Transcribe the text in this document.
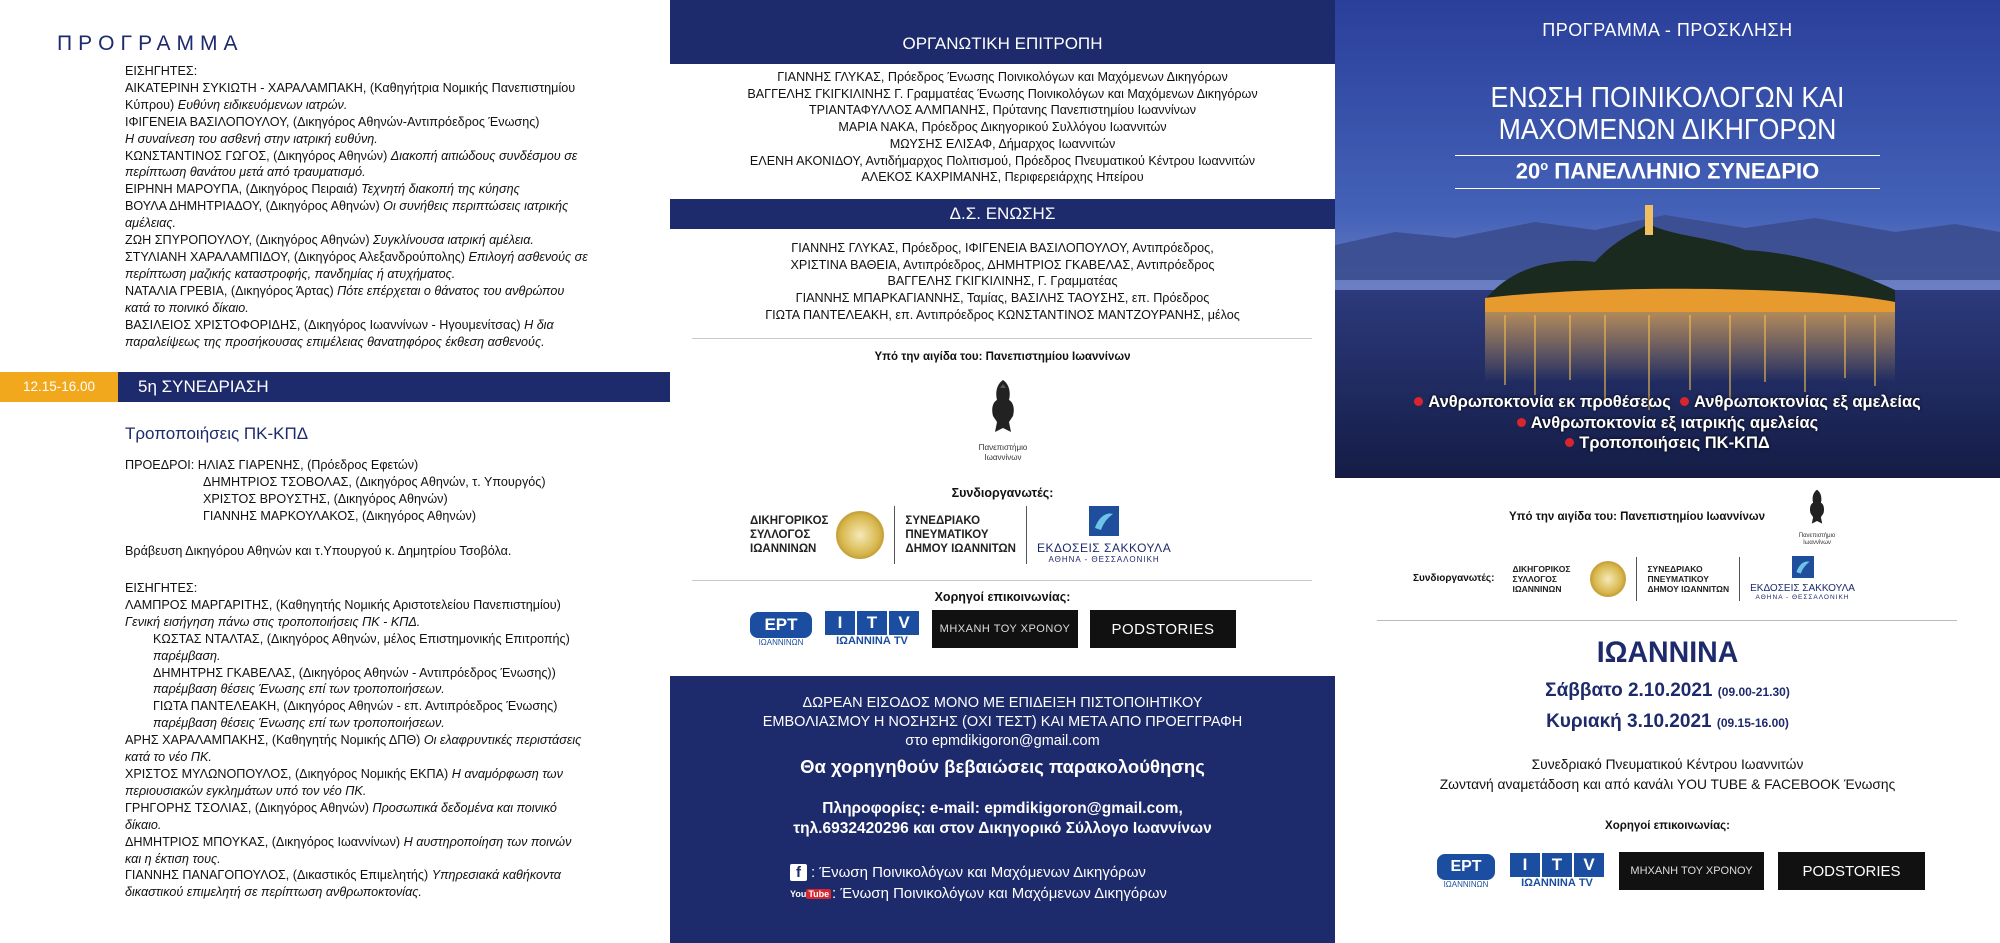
ΠΡΟΓΡΑΜΜΑ
ΕΙΣΗΓΗΤΕΣ:
ΑΙΚΑΤΕΡΙΝΗ ΣΥΚΙΩΤΗ - ΧΑΡΑΛΑΜΠΑΚΗ, (Καθηγήτρια Νομικής Πανεπιστημίου
Κύπρου) Ευθύνη ειδικευόμενων ιατρών.
ΙΦΙΓΕΝΕΙΑ ΒΑΣΙΛΟΠΟΥΛΟΥ, (Δικηγόρος Αθηνών-Αντιπρόεδρος Ένωσης)
Η συναίνεση του ασθενή στην ιατρική ευθύνη.
ΚΩΝΣΤΑΝΤΙΝΟΣ ΓΩΓΟΣ, (Δικηγόρος Αθηνών) Διακοπή αιτιώδους συνδέσμου σε
περίπτωση θανάτου μετά από τραυματισμό.
ΕΙΡΗΝΗ ΜΑΡΟΥΠΑ, (Δικηγόρος Πειραιά) Τεχνητή διακοπή της κύησης
ΒΟΥΛΑ ΔΗΜΗΤΡΙΑΔΟΥ, (Δικηγόρος Αθηνών) Οι συνήθεις περιπτώσεις ιατρικής
αμέλειας.
ΖΩΗ ΣΠΥΡΟΠΟΥΛΟΥ, (Δικηγόρος Αθηνών) Συγκλίνουσα ιατρική αμέλεια.
ΣΤΥΛΙΑΝΗ ΧΑΡΑΛΑΜΠΙΔΟΥ, (Δικηγόρος Αλεξανδρούπολης) Επιλογή ασθενούς σε
περίπτωση μαζικής καταστροφής, πανδημίας ή ατυχήματος.
ΝΑΤΑΛΙΑ ΓΡΕΒΙΑ, (Δικηγόρος Άρτας) Πότε επέρχεται ο θάνατος του ανθρώπου
κατά το ποινικό δίκαιο.
ΒΑΣΙΛΕΙΟΣ ΧΡΙΣΤΟΦΟΡΙΔΗΣ, (Δικηγόρος Ιωαννίνων - Ηγουμενίτσας) Η δια
παραλείψεως της προσήκουσας επιμέλειας θανατηφόρος έκθεση ασθενούς.
12.15-16.00	5η ΣΥΝΕΔΡΙΑΣΗ
Τροποποιήσεις ΠΚ-ΚΠΔ
ΠΡΟΕΔΡΟΙ: ΗΛΙΑΣ ΓΙΑΡΕΝΗΣ, (Πρόεδρος Εφετών)
ΔΗΜΗΤΡΙΟΣ ΤΣΟΒΟΛΑΣ, (Δικηγόρος Αθηνών, τ. Υπουργός)
ΧΡΙΣΤΟΣ ΒΡΟΥΣΤΗΣ, (Δικηγόρος Αθηνών)
ΓΙΑΝΝΗΣ ΜΑΡΚΟΥΛΑΚΟΣ, (Δικηγόρος Αθηνών)
Βράβευση Δικηγόρου Αθηνών και τ.Υπουργού κ. Δημητρίου Τσοβόλα.
ΕΙΣΗΓΗΤΕΣ:
ΛΑΜΠΡΟΣ ΜΑΡΓΑΡΙΤΗΣ, (Καθηγητής Νομικής Αριστοτελείου Πανεπιστημίου)
Γενική εισήγηση πάνω στις τροποποιήσεις ΠΚ - ΚΠΔ.
ΚΩΣΤΑΣ ΝΤΑΛΤΑΣ, (Δικηγόρος Αθηνών, μέλος Επιστημονικής Επιτροπής)
παρέμβαση.
ΔΗΜΗΤΡΗΣ ΓΚΑΒΕΛΑΣ, (Δικηγόρος Αθηνών - Αντιπρόεδρος Ένωσης))
παρέμβαση θέσεις Ένωσης επί των τροποποιήσεων.
ΓΙΩΤΑ ΠΑΝΤΕΛΕΑΚΗ, (Δικηγόρος Αθηνών - επ. Αντιπρόεδρος Ένωσης)
παρέμβαση θέσεις Ένωσης επί των τροποποιήσεων.
ΑΡΗΣ ΧΑΡΑΛΑΜΠΑΚΗΣ, (Καθηγητής Νομικής ΔΠΘ) Οι ελαφρυντικές περιστάσεις
κατά το νέο ΠΚ.
ΧΡΙΣΤΟΣ ΜΥΛΩΝΟΠΟΥΛΟΣ, (Δικηγόρος Νομικής ΕΚΠΑ) Η αναμόρφωση των
περιουσιακών εγκλημάτων υπό τον νέο ΠΚ.
ΓΡΗΓΟΡΗΣ ΤΣΟΛΙΑΣ, (Δικηγόρος Αθηνών) Προσωπικά δεδομένα και ποινικό
δίκαιο.
ΔΗΜΗΤΡΙΟΣ ΜΠΟΥΚΑΣ, (Δικηγόρος Ιωαννίνων) Η αυστηροποίηση των ποινών
και η έκτιση τους.
ΓΙΑΝΝΗΣ ΠΑΝΑΓΟΠΟΥΛΟΣ, (Δικαστικός Επιμελητής) Υπηρεσιακά καθήκοντα
δικαστικού επιμελητή σε περίπτωση ανθρωποκτονίας.
ΟΡΓΑΝΩΤΙΚΗ ΕΠΙΤΡΟΠΗ
ΓΙΑΝΝΗΣ ΓΛΥΚΑΣ, Πρόεδρος Ένωσης Ποινικολόγων και Μαχόμενων Δικηγόρων
ΒΑΓΓΕΛΗΣ ΓΚΙΓΚΙΛΙΝΗΣ Γ. Γραμματέας Ένωσης Ποινικολόγων και Μαχόμενων Δικηγόρων
ΤΡΙΑΝΤΑΦΥΛΛΟΣ ΑΛΜΠΑΝΗΣ, Πρύτανης Πανεπιστημίου Ιωαννίνων
ΜΑΡΙΑ ΝΑΚΑ, Πρόεδρος Δικηγορικού Συλλόγου Ιωαννιτών
ΜΩΥΣΗΣ ΕΛΙΣΑΦ, Δήμαρχος Ιωαννιτών
ΕΛΕΝΗ ΑΚΟΝΙΔΟΥ, Αντιδήμαρχος Πολιτισμού, Πρόεδρος Πνευματικού Κέντρου Ιωαννιτών
ΑΛΕΚΟΣ ΚΑΧΡΙΜΑΝΗΣ, Περιφερειάρχης Ηπείρου
Δ.Σ. ΕΝΩΣΗΣ
ΓΙΑΝΝΗΣ ΓΛΥΚΑΣ, Πρόεδρος, ΙΦΙΓΕΝΕΙΑ ΒΑΣΙΛΟΠΟΥΛΟΥ, Αντιπρόεδρος,
ΧΡΙΣΤΙΝΑ ΒΑΘΕΙΑ, Αντιπρόεδρος, ΔΗΜΗΤΡΙΟΣ ΓΚΑΒΕΛΑΣ, Αντιπρόεδρος
ΒΑΓΓΕΛΗΣ ΓΚΙΓΚΙΛΙΝΗΣ, Γ. Γραμματέας
ΓΙΑΝΝΗΣ ΜΠΑΡΚΑΓΙΑΝΝΗΣ, Ταμίας, ΒΑΣΙΛΗΣ ΤΑΟΥΣΗΣ, επ. Πρόεδρος
ΓΙΩΤΑ ΠΑΝΤΕΛΕΑΚΗ, επ. Αντιπρόεδρος ΚΩΝΣΤΑΝΤΙΝΟΣ ΜΑΝΤΖΟΥΡΑΝΗΣ, μέλος
Υπό την αιγίδα του: Πανεπιστημίου Ιωαννίνων
Πανεπιστήμιο
Ιωαννίνων
Συνδιοργανωτές:
ΔΙΚΗΓΟΡΙΚΟΣ
ΣΥΛΛΟΓΟΣ
ΙΩΑΝΝΙΝΩΝ
ΣΥΝΕΔΡΙΑΚΟ
ΠΝΕΥΜΑΤΙΚΟΥ
ΔΗΜΟΥ ΙΩΑΝΝΙΤΩΝ ΕΚΔΟΣΕΙΣ ΣΑΚΚΟΥΛΑ
ΑΘΗΝΑ - ΘΕΣΣΑΛΟΝΙΚΗ
Χορηγοί επικοινωνίας:
ΕΡΤ
ΙΩΑΝΝΙΝΩΝ
I	T	V
ΙΩΑΝΝΙΝΑ TV
ΜΗΧΑΝΗ ΤΟΥ ΧΡΟΝΟΥ	PODSTORIES
ΔΩΡΕΑΝ ΕΙΣΟΔΟΣ ΜΟΝΟ ΜΕ ΕΠΙΔΕΙΞΗ ΠΙΣΤΟΠΟΙΗΤΙΚΟΥ
ΕΜΒΟΛΙΑΣΜΟΥ Η ΝΟΣΗΣΗΣ (ΟΧΙ ΤΕΣΤ) ΚΑΙ ΜΕΤΑ ΑΠΟ ΠΡΟΕΓΓΡΑΦΗ
στο epmdikigoron@gmail.com
Θα χορηγηθούν βεβαιώσεις παρακολούθησης
Πληροφορίες: e-mail: epmdikigoron@gmail.com,
τηλ.6932420296 και στον Δικηγορικό Σύλλογο Ιωαννίνων
f : Ένωση Ποινικολόγων και Μαχόμενων Δικηγόρων
You Tube : Ένωση Ποινικολόγων και Μαχόμενων Δικηγόρων
ΠΡΟΓΡΑΜΜΑ - ΠΡΟΣΚΛΗΣΗ
ΕΝΩΣΗ ΠΟΙΝΙΚΟΛΟΓΩΝ ΚΑΙ
ΜΑΧΟΜΕΝΩΝ ΔΙΚΗΓΟΡΩΝ
$20^o$ ΠΑΝΕΛΛΗΝΙΟ ΣΥΝΕΔΡΙΟ
Ανθρωποκτονία εκ προθέσεως Ανθρωποκτονίας εξ αμελείας
Ανθρωποκτονία εξ ιατρικής αμελείας
Τροποποιήσεις ΠΚ-ΚΠΔ
Υπό την αιγίδα του: Πανεπιστημίου Ιωαννίνων
Πανεπιστήμιο
Ιωαννίνων
Συνδιοργανωτές:
ΔΙΚΗΓΟΡΙΚΟΣ
ΣΥΛΛΟΓΟΣ
ΙΩΑΝΝΙΝΩΝ
ΣΥΝΕΔΡΙΑΚΟ
ΠΝΕΥΜΑΤΙΚΟΥ
ΔΗΜΟΥ ΙΩΑΝΝΙΤΩΝ ΕΚΔΟΣΕΙΣ ΣΑΚΚΟΥΛΑ
ΑΘΗΝΑ - ΘΕΣΣΑΛΟΝΙΚΗ
ΙΩΑΝΝΙΝΑ
Σάββατο 2.10.2021 (09.00-21.30)
Κυριακή 3.10.2021 (09.15-16.00)
Συνεδριακό Πνευματικού Κέντρου Ιωαννιτών
Ζωντανή αναμετάδοση και από κανάλι YOU TUBE & FACEBOOK Ένωσης
Χορηγοί επικοινωνίας:
ΕΡΤ
ΙΩΑΝΝΙΝΩΝ
I	T	V
ΙΩΑΝΝΙΝΑ TV
ΜΗΧΑΝΗ ΤΟΥ ΧΡΟΝΟΥ	PODSTORIES
